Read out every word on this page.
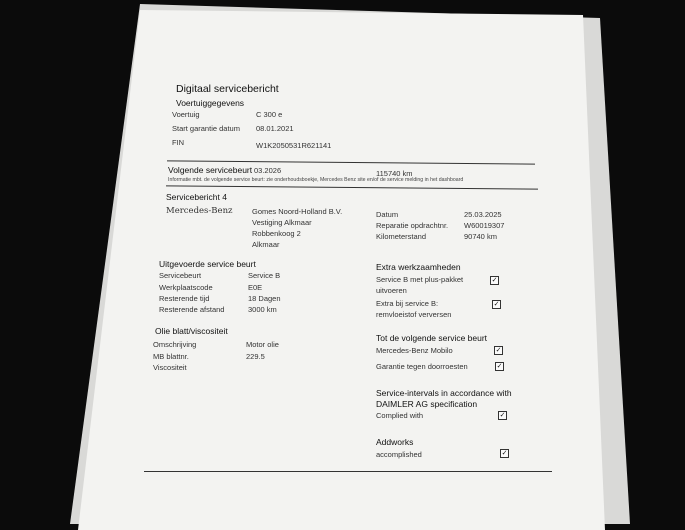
Digitaal servicebericht
Voertuiggegevens
Voertuig	C 300 e
Start garantie datum 08.01.2021
FIN	W1K2050531R621141
Volgende servicebeurt 03.2026	115740 km
Informatie mbt. de volgende service beurt: zie onderhoudsboekje, Mercedes Benz site en/of de service melding in het dashboard
Servicebericht 4
Mercedes-Benz	Gomes Noord-Holland B.V.
Vestiging Alkmaar
Robbenkoog 2
Alkmaar
Datum	25.03.2025
Reparatie opdrachtnr. W60019307
Kilometerstand	90740 km
Uitgevoerde service beurt
Servicebeurt	Service B
Werkplaatscode	E0E
Resterende tijd	18 Dagen
Resterende afstand	3000 km
Olie blatt/viscositeit
Omschrijving	Motor olie
MB blattnr.	229.5
Viscositeit
Extra werkzaamheden
Service B met plus-pakket
uitvoeren
✓
Extra bij service B:
remvloeistof verversen
✓
Tot de volgende service beurt
Mercedes-Benz Mobilo	✓
Garantie tegen doorroesten	✓
Service-intervals in accordance with
DAIMLER AG specification
Complied with	✓
Addworks
accomplished	✓
